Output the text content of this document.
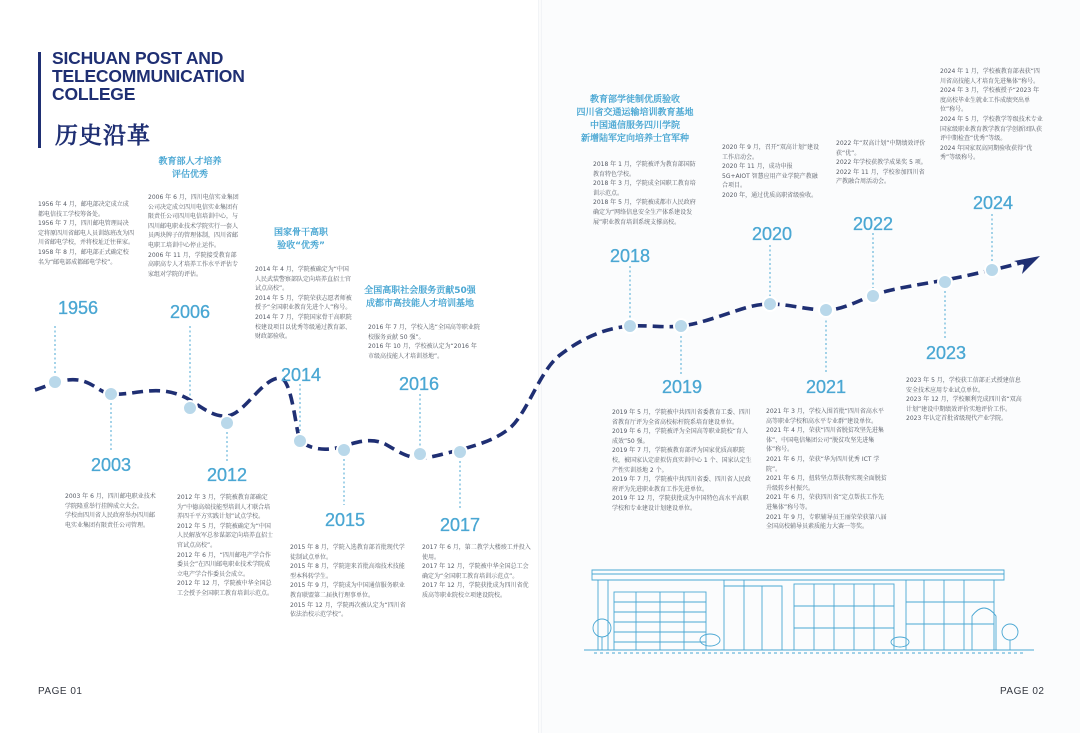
SICHUAN POST AND
TELECOMMUNICATION
COLLEGE
历史沿革
1956
2003
2006
2012
2014
2015
2016
2017
2018
2019
2020
2021
2022
2023
2024
教育部人才培养
评估优秀
国家骨干高职
验收“优秀”
全国高职社会服务贡献50强
成都市高技能人才培训基地
教育部学徒制优质验收
四川省交通运输培训教育基地
中国通信服务四川学院
新增陆军定向培养士官军种

1956 年 4 月，邮电部决定成立成都电信技工学校筹备处。

1956 年 7 月，四川邮电管理局决定将原四川省邮电人员训练班改为四川省邮电学校，并将校址迁往崔家。

1958 年 8 月，邮电部正式确定校名为“邮电部成都邮电学校”。

2003 年 6 月，四川邮电职业技术学院隆重举行挂牌成立大会。

学校由四川省人民政府举办四川邮电实业集团有限责任公司管理。

2006 年 6 月，四川电信实业集团公司决定成立四川电信实业集团有限责任公司四川电信培训中心，与四川邮电职业技术学院实行一套人员两块牌子的管理体制，四川省邮电职工培训中心停止运作。

2006 年 11 月，学院接受教育部高职高专人才培养工作水平评估专家组对学院的评估。

2012 年 3 月，学院被教育部确定为“中德高端技能型培训人才联合培养四千平方实践计划”试点学校。

2012 年 5 月，学院被确定为“中国人民解放军总参谋部定向培养直招士官试点高校”。

2012 年 6 月，“四川邮电产学合作委员会”在四川邮电职业技术学院成立电产学合作委员会成立。

2012 年 12 月，学院被中华全国总工会授予全国职工教育培训示范点。

2014 年 4 月，学院被确定为“中国人民武装警察部队定向培养直招士官试点高校”。

2014 年 5 月，学院荣获志愿者师被授予“全国职业教育先进个人”称号。

2014 年 7 月，学院国家骨干高职院校建设项目以优秀等级通过教育部、财政部验收。

2015 年 8 月，学院入选教育部首批现代学徒制试点单位。

2015 年 8 月，学院迎来首批高端技术技能型本科转学生。

2015 年 9 月，学院成为中国通信服务职业教育联盟第二届执行理事单位。

2015 年 12 月，学院再次被认定为“四川省依法治校示范学校”。

2016 年 7 月，学校入选“全国高等职业院校服务贡献 50 强”。

2016 年 10 月，学校被认定为“2016 年市级高技能人才培训基地”。

2017 年 6 月，第二教学大楼竣工并投入使用。

2017 年 12 月，学院被中华全国总工会确定为“全国职工教育培训示范点”。

2017 年 12 月，学院获批成为四川省优质高等职业院校立项建设院校。

2018 年 1 月，学院被评为教育部国防教育特色学校。

2018 年 3 月，学院成全国职工教育培训示范点。

2018 年 5 月，学院被成都市人民政府确定为“网络信息安全生产体系建设发展”职业教育培训系统支撑高校。

2019 年 5 月，学院被中共四川省委教育工委、四川省教育厅评为全省高校标杆院系培育建设单位。

2019 年 6 月，学院被评为全国高等职业院校“育人成效”50 强。

2019 年 7 月，学院被教育部评为国家优质高职院校，被国家认定虚拟仿真实训中心 1 个、国家认定生产性实训基地 2 个。

2019 年 7 月，学院被中共四川省委、四川省人民政府评为先进职业教育工作先进单位。

2019 年 12 月，学院获批成为中国特色高水平高职学校和专业建设计划建设单位。

2020 年 9 月，召开“双高计划”建设工作启动会。

2020 年 11 月，成功申报 5G+AIOT 智慧应用产业学院产教融合项目。

2020 年，通过优质高职省级验收。

2021 年 3 月，学校入围首批“四川省高水平高等职业学校和高水平专业群”建设单位。

2021 年 4 月，荣获“四川省脱贫攻坚先进集体”、中国电信集团公司“脱贫攻坚先进集体”称号。

2021 年 6 月，荣获“华为四川优秀 ICT 学院”。

2021 年 6 月，扭转坚点帮扶物实现全面脱贫升级转乡村振兴。

2021 年 6 月，荣获四川省“定点帮扶工作先进集体”称号等。

2021 年 9 月，专职辅导员王丽荣荣获第八届全国高校辅导员素质能力大赛一等奖。

2022 年“双高计划”中期绩效评价获“优”。

2022 年学校获教学成果奖 5 项。

2022 年 11 月，学校参加四川省产教融合周活动会。

2023 年 5 月，学校获工信部正式授建信息安全技术应用专业试点单位。

2023 年 12 月，学校顺利完成四川省“双高计划”建设中期绩效评价实地评价工作。

2023 年认定首批省级现代产业学院。

2024 年 1 月，学校被教育部表获“四川省高技能人才培育先进集体”称号。

2024 年 3 月，学校被授予“2023 年度高校毕业生就业工作成绩突出单位”称号。

2024 年 5 月，学校教学等级技术专业国家级职业教育教学教育学创新团队获评中期检查“优秀”等级。

2024 年国家双高同期验收获得“优秀”等级称号。

PAGE 01	PAGE 02
